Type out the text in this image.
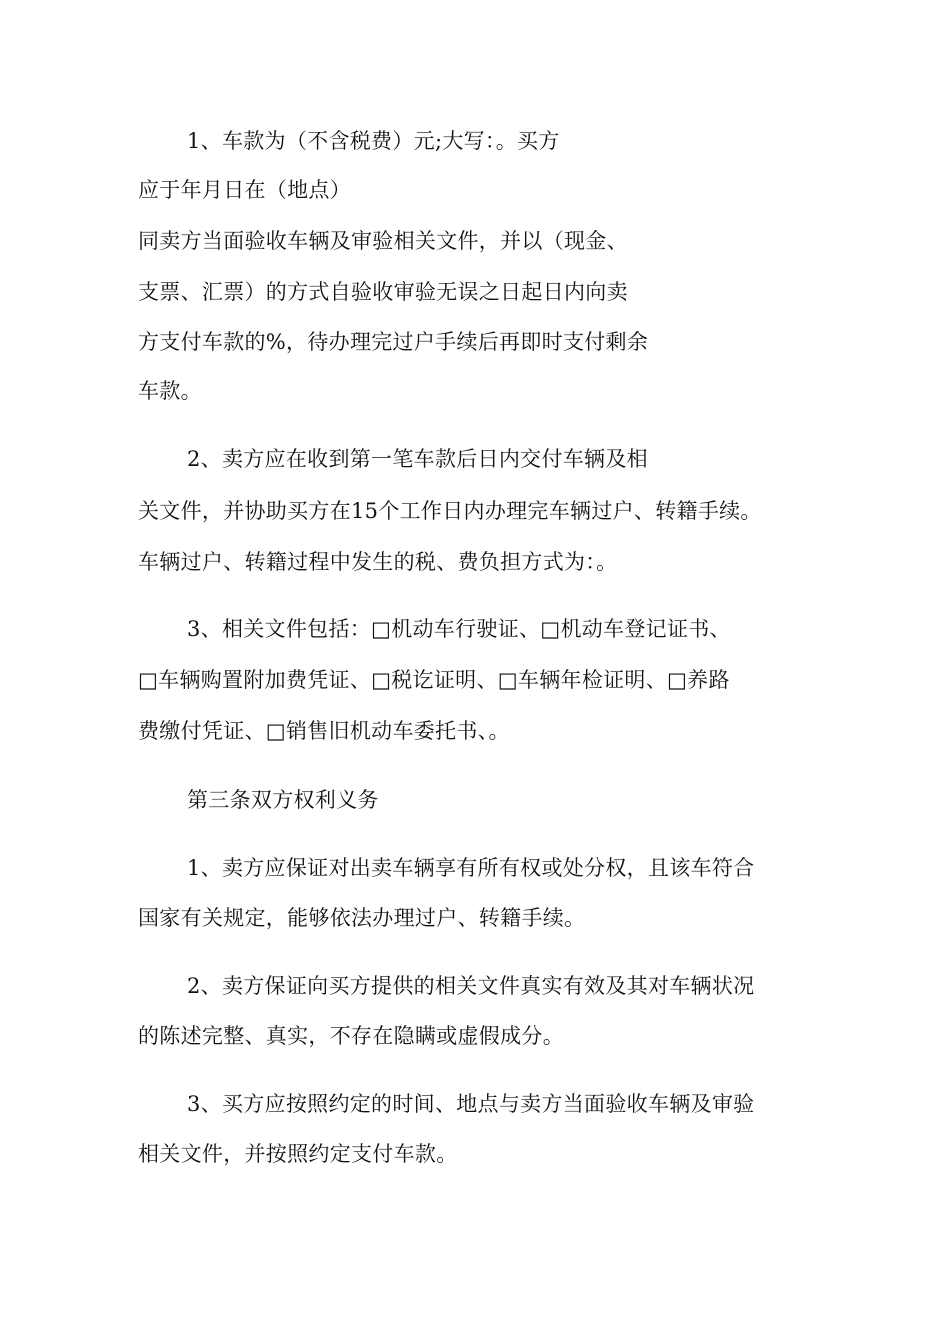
1、车款为（不含税费）元;大写：。买方
应于年月日在（地点）
同卖方当面验收车辆及审验相关文件，并以（现金、
支票、汇票）的方式自验收审验无误之日起日内向卖
方支付车款的%，待办理完过户手续后再即时支付剩余
车款。
2、卖方应在收到第一笔车款后日内交付车辆及相
关文件，并协助买方在15个工作日内办理完车辆过户、转籍手续。
车辆过户、转籍过程中发生的税、费负担方式为：。
3、相关文件包括：□机动车行驶证、□机动车登记证书、
□车辆购置附加费凭证、□税讫证明、□车辆年检证明、□养路
费缴付凭证、□销售旧机动车委托书、。
第三条双方权利义务
1、卖方应保证对出卖车辆享有所有权或处分权，且该车符合
国家有关规定，能够依法办理过户、转籍手续。
2、卖方保证向买方提供的相关文件真实有效及其对车辆状况
的陈述完整、真实，不存在隐瞒或虚假成分。
3、买方应按照约定的时间、地点与卖方当面验收车辆及审验
相关文件，并按照约定支付车款。
